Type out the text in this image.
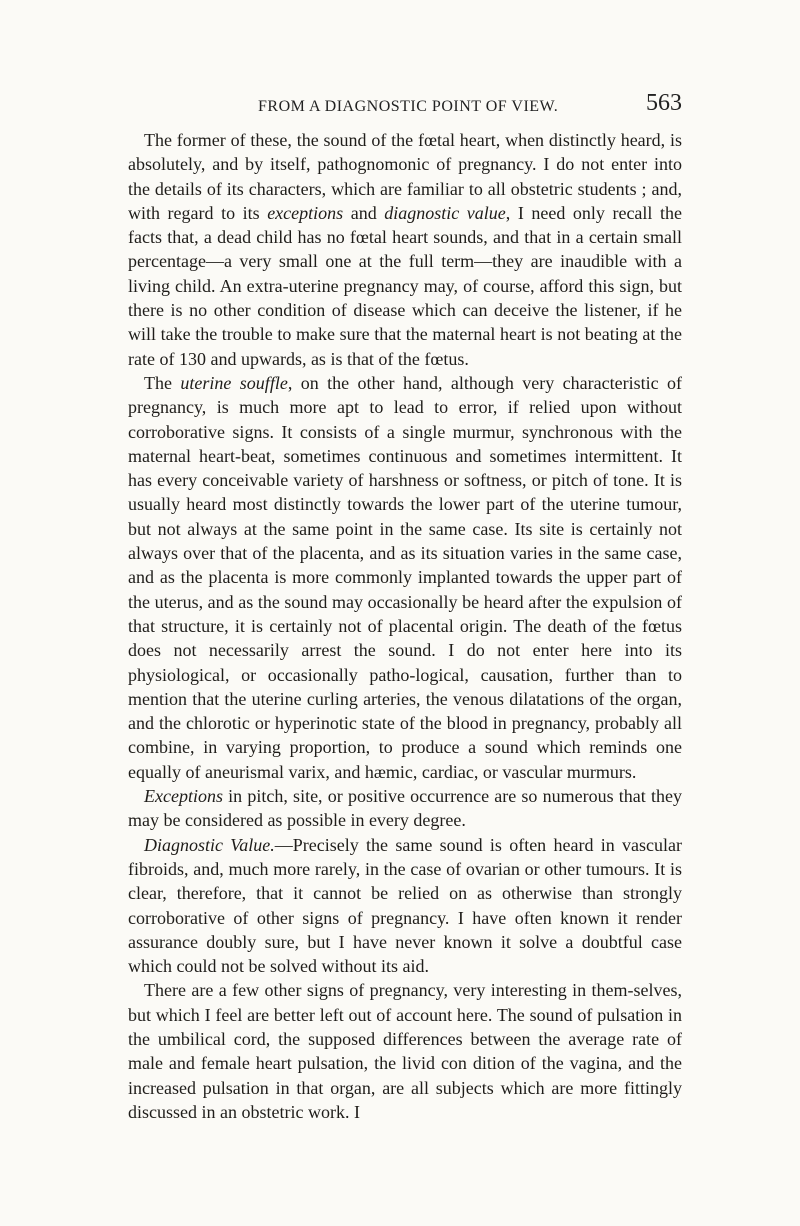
FROM A DIAGNOSTIC POINT OF VIEW.	563

The former of these, the sound of the fœtal heart, when distinctly heard, is absolutely, and by itself, pathognomonic of pregnancy. I do not enter into the details of its characters, which are familiar to all obstetric students ; and, with regard to its exceptions and diagnostic value, I need only recall the facts that, a dead child has no fœtal heart sounds, and that in a certain small percentage—a very small one at the full term—they are inaudible with a living child. An extra-uterine pregnancy may, of course, afford this sign, but there is no other condition of disease which can deceive the listener, if he will take the trouble to make sure that the maternal heart is not beating at the rate of 130 and upwards, as is that of the fœtus.

The uterine souffle, on the other hand, although very characteristic of pregnancy, is much more apt to lead to error, if relied upon without corroborative signs. It consists of a single murmur, synchronous with the maternal heart-beat, sometimes continuous and sometimes intermittent. It has every conceivable variety of harshness or softness, or pitch of tone. It is usually heard most distinctly towards the lower part of the uterine tumour, but not always at the same point in the same case. Its site is certainly not always over that of the placenta, and as its situation varies in the same case, and as the placenta is more commonly implanted towards the upper part of the uterus, and as the sound may occasionally be heard after the expulsion of that structure, it is certainly not of placental origin. The death of the fœtus does not necessarily arrest the sound. I do not enter here into its physiological, or occasionally patho-logical, causation, further than to mention that the uterine curling arteries, the venous dilatations of the organ, and the chlorotic or hyperinotic state of the blood in pregnancy, probably all combine, in varying proportion, to produce a sound which reminds one equally of aneurismal varix, and hæmic, cardiac, or vascular murmurs.

Exceptions in pitch, site, or positive occurrence are so numerous that they may be considered as possible in every degree.

Diagnostic Value.—Precisely the same sound is often heard in vascular fibroids, and, much more rarely, in the case of ovarian or other tumours. It is clear, therefore, that it cannot be relied on as otherwise than strongly corroborative of other signs of pregnancy. I have often known it render assurance doubly sure, but I have never known it solve a doubtful case which could not be solved without its aid.

There are a few other signs of pregnancy, very interesting in them-selves, but which I feel are better left out of account here. The sound of pulsation in the umbilical cord, the supposed differences between the average rate of male and female heart pulsation, the livid con dition of the vagina, and the increased pulsation in that organ, are all subjects which are more fittingly discussed in an obstetric work. I
